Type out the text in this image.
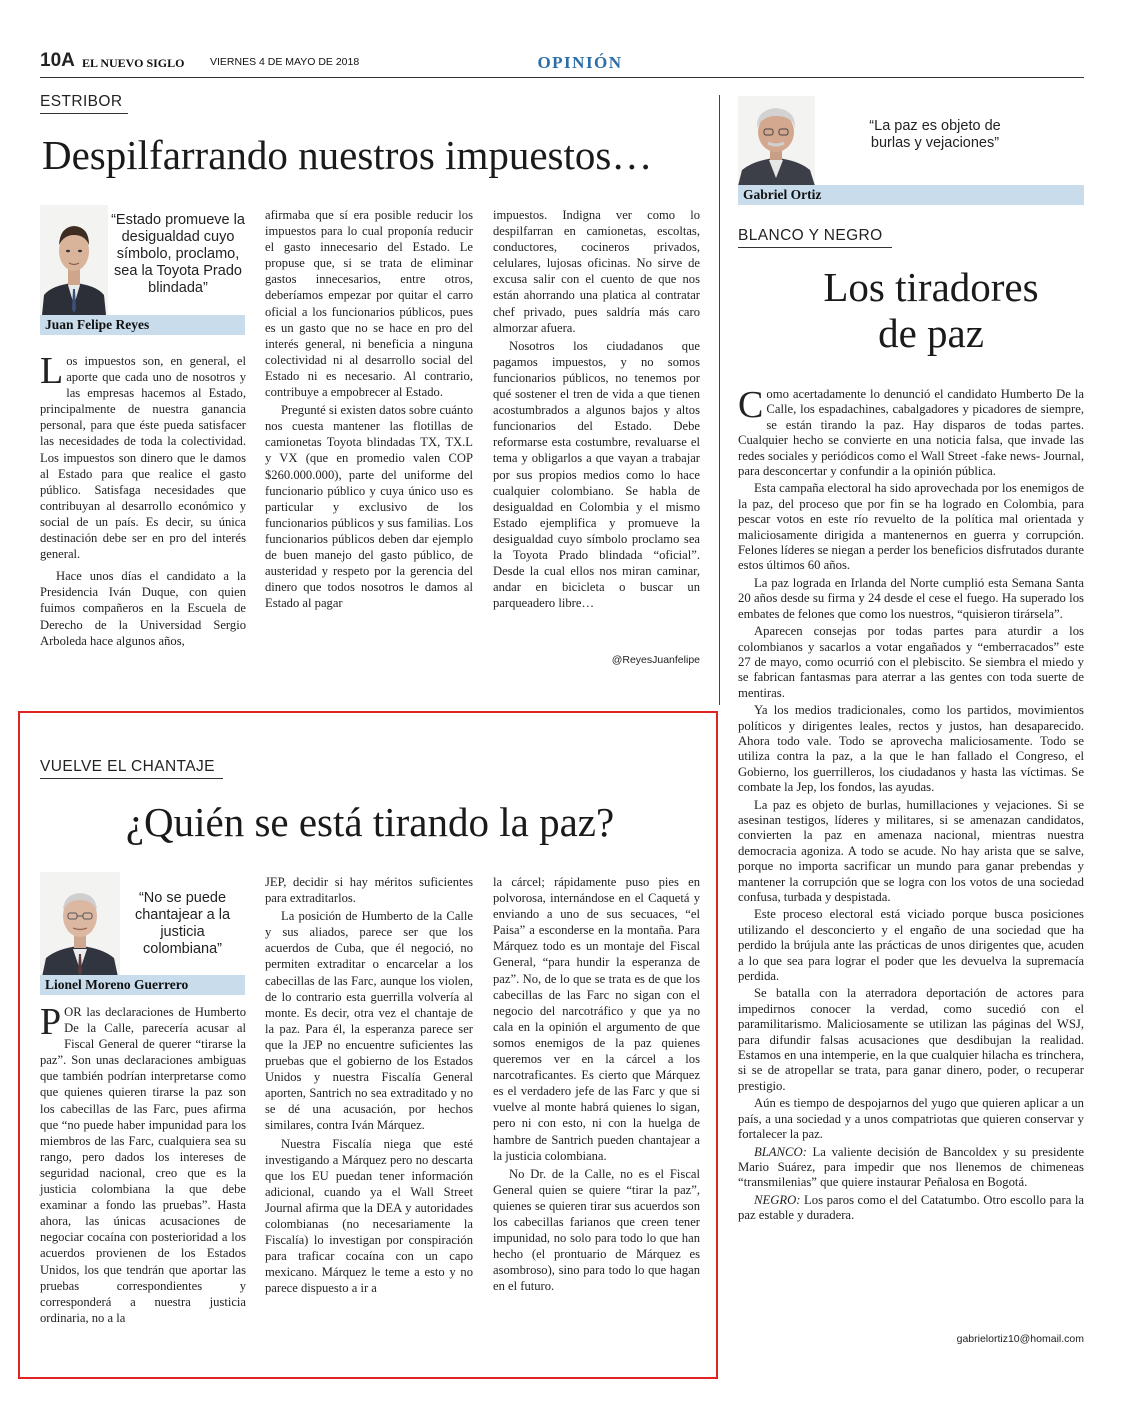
10A EL NUEVO SIGLO VIERNES 4 DE MAYO DE 2018	OPINIÓN
ESTRIBOR
Despilfarrando nuestros impuestos…
“Estado promueve la desigualdad cuyo símbolo, proclamo, sea la Toyota Prado blindada”
Juan Felipe Reyes

Los impuestos son, en general, el aporte que cada uno de nosotros y las empresas hacemos al Estado, principalmente de nuestra ganancia personal, para que éste pueda satisfacer las necesidades de toda la colectividad. Los impuestos son dinero que le damos al Estado para que realice el gasto público. Satisfaga necesidades que contribuyan al desarrollo económico y social de un país. Es decir, su única destinación debe ser en pro del interés general.

Hace unos días el candidato a la Presidencia Iván Duque, con quien fuimos compañeros en la Escuela de Derecho de la Universidad Sergio Arboleda hace algunos años,

afirmaba que sí era posible reducir los impuestos para lo cual proponía reducir el gasto innecesario del Estado. Le propuse que, si se trata de eliminar gastos innecesarios, entre otros, deberíamos empezar por quitar el carro oficial a los funcionarios públicos, pues es un gasto que no se hace en pro del interés general, ni beneficia a ninguna colectividad ni al desarrollo social del Estado ni es necesario. Al contrario, contribuye a empobrecer al Estado.

Pregunté si existen datos sobre cuánto nos cuesta mantener las flotillas de camionetas Toyota blindadas TX, TX.L y VX (que en promedio valen COP $260.000.000), parte del uniforme del funcionario público y cuya único uso es particular y exclusivo de los funcionarios públicos y sus familias. Los funcionarios públicos deben dar ejemplo de buen manejo del gasto público, de austeridad y respeto por la gerencia del dinero que todos nosotros le damos al Estado al pagar

impuestos. Indigna ver como lo despilfarran en camionetas, escoltas, conductores, cocineros privados, celulares, lujosas oficinas. No sirve de excusa salir con el cuento de que nos están ahorrando una platica al contratar chef privado, pues saldría más caro almorzar afuera.

Nosotros los ciudadanos que pagamos impuestos, y no somos funcionarios públicos, no tenemos por qué sostener el tren de vida a que tienen acostumbrados a algunos bajos y altos funcionarios del Estado. Debe reformarse esta costumbre, revaluarse el tema y obligarlos a que vayan a trabajar por sus propios medios como lo hace cualquier colombiano. Se habla de desigualdad en Colombia y el mismo Estado ejemplifica y promueve la desigualdad cuyo símbolo proclamo sea la Toyota Prado blindada “oficial”. Desde la cual ellos nos miran caminar, andar en bicicleta o buscar un parqueadero libre…

@ReyesJuanfelipe
VUELVE EL CHANTAJE
¿Quién se está tirando la paz?
“No se puede chantajear a la justicia colombiana”
Lionel Moreno Guerrero

POR las declaraciones de Humberto De la Calle, parecería acusar al Fiscal General de querer “tirarse la paz”. Son unas declaraciones ambiguas que también podrían interpretarse como que quienes quieren tirarse la paz son los cabecillas de las Farc, pues afirma que “no puede haber impunidad para los miembros de las Farc, cualquiera sea su rango, pero dados los intereses de seguridad nacional, creo que es la justicia colombiana la que debe examinar a fondo las pruebas”. Hasta ahora, las únicas acusaciones de negociar cocaína con posterioridad a los acuerdos provienen de los Estados Unidos, los que tendrán que aportar las pruebas correspondientes y corresponderá a nuestra justicia ordinaria, no a la

JEP, decidir si hay méritos suficientes para extraditarlos.

La posición de Humberto de la Calle y sus aliados, parece ser que los acuerdos de Cuba, que él negoció, no permiten extraditar o encarcelar a los cabecillas de las Farc, aunque los violen, de lo contrario esta guerrilla volvería al monte. Es decir, otra vez el chantaje de la paz. Para él, la esperanza parece ser que la JEP no encuentre suficientes las pruebas que el gobierno de los Estados Unidos y nuestra Fiscalía General aporten, Santrich no sea extraditado y no se dé una acusación, por hechos similares, contra Iván Márquez.

Nuestra Fiscalía niega que esté investigando a Márquez pero no descarta que los EU puedan tener información adicional, cuando ya el Wall Street Journal afirma que la DEA y autoridades colombianas (no necesariamente la Fiscalía) lo investigan por conspiración para traficar cocaína con un capo mexicano. Márquez le teme a esto y no parece dispuesto a ir a

la cárcel; rápidamente puso pies en polvorosa, internándose en el Caquetá y enviando a uno de sus secuaces, “el Paisa” a esconderse en la montaña. Para Márquez todo es un montaje del Fiscal General, “para hundir la esperanza de paz”. No, de lo que se trata es de que los cabecillas de las Farc no sigan con el negocio del narcotráfico y que ya no cala en la opinión el argumento de que somos enemigos de la paz quienes queremos ver en la cárcel a los narcotraficantes. Es cierto que Márquez es el verdadero jefe de las Farc y que si vuelve al monte habrá quienes lo sigan, pero ni con esto, ni con la huelga de hambre de Santrich pueden chantajear a la justicia colombiana.

No Dr. de la Calle, no es el Fiscal General quien se quiere “tirar la paz”, quienes se quieren tirar sus acuerdos son los cabecillas farianos que creen tener impunidad, no solo para todo lo que han hecho (el prontuario de Márquez es asombroso), sino para todo lo que hagan en el futuro.

“La paz es objeto de burlas y vejaciones”
Gabriel Ortiz
BLANCO Y NEGRO
Los tiradores
de paz

Como acertadamente lo denunció el candidato Humberto De la Calle, los espadachines, cabalgadores y picadores de siempre, se están tirando la paz. Hay disparos de todas partes. Cualquier hecho se convierte en una noticia falsa, que invade las redes sociales y periódicos como el Wall Street -fake news- Journal, para desconcertar y confundir a la opinión pública.

Esta campaña electoral ha sido aprovechada por los enemigos de la paz, del proceso que por fin se ha logrado en Colombia, para pescar votos en este río revuelto de la política mal orientada y maliciosamente dirigida a mantenernos en guerra y corrupción. Felones líderes se niegan a perder los beneficios disfrutados durante estos últimos 60 años.

La paz lograda en Irlanda del Norte cumplió esta Semana Santa 20 años desde su firma y 24 desde el cese el fuego. Ha superado los embates de felones que como los nuestros, “quisieron tirársela”.

Aparecen consejas por todas partes para aturdir a los colombianos y sacarlos a votar engañados y “emberracados” este 27 de mayo, como ocurrió con el plebiscito. Se siembra el miedo y se fabrican fantasmas para aterrar a las gentes con toda suerte de mentiras.

Ya los medios tradicionales, como los partidos, movimientos políticos y dirigentes leales, rectos y justos, han desaparecido. Ahora todo vale. Todo se aprovecha maliciosamente. Todo se utiliza contra la paz, a la que le han fallado el Congreso, el Gobierno, los guerrilleros, los ciudadanos y hasta las víctimas. Se combate la Jep, los fondos, las ayudas.

La paz es objeto de burlas, humillaciones y vejaciones. Si se asesinan testigos, líderes y militares, si se amenazan candidatos, convierten la paz en amenaza nacional, mientras nuestra democracia agoniza. A todo se acude. No hay arista que se salve, porque no importa sacrificar un mundo para ganar prebendas y mantener la corrupción que se logra con los votos de una sociedad confusa, turbada y despistada.

Este proceso electoral está viciado porque busca posiciones utilizando el desconcierto y el engaño de una sociedad que ha perdido la brújula ante las prácticas de unos dirigentes que, acuden a lo que sea para lograr el poder que les devuelva la supremacía perdida.

Se batalla con la aterradora deportación de actores para impedirnos conocer la verdad, como sucedió con el paramilitarismo. Maliciosamente se utilizan las páginas del WSJ, para difundir falsas acusaciones que desdibujan la realidad. Estamos en una intemperie, en la que cualquier hilacha es trinchera, si se de atropellar se trata, para ganar dinero, poder, o recuperar prestigio.

Aún es tiempo de despojarnos del yugo que quieren aplicar a un país, a una sociedad y a unos compatriotas que quieren conservar y fortalecer la paz.

BLANCO: La valiente decisión de Bancoldex y su presidente Mario Suárez, para impedir que nos llenemos de chimeneas “transmilenias” que quiere instaurar Peñalosa en Bogotá.

NEGRO: Los paros como el del Catatumbo. Otro escollo para la paz estable y duradera.

gabrielortiz10@homail.com
